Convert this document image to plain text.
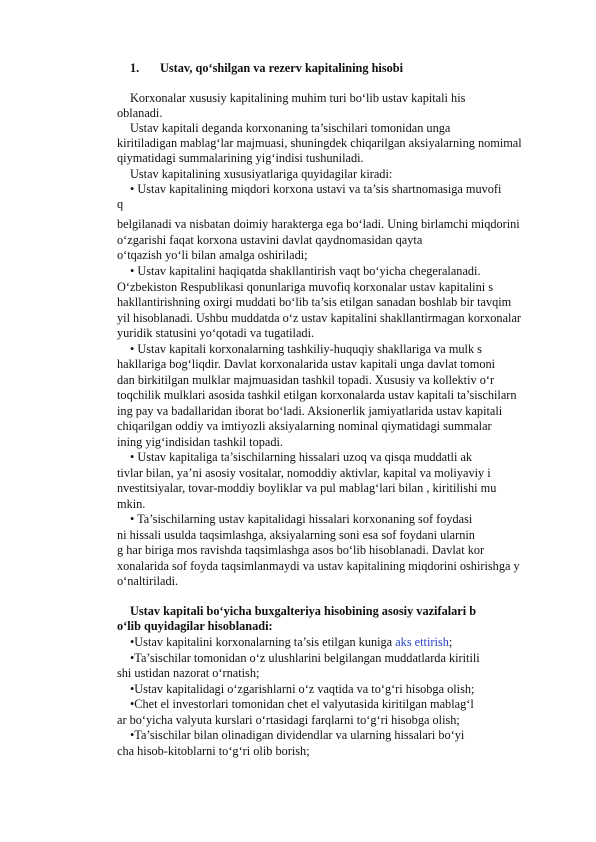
1. Ustav, qo‘shilgan va rezerv kapitalining hisobi
Korxonalar xususiy kapitalining muhim turi bo‘lib ustav kapitali his
oblanadi.
Ustav kapitali deganda korxonaning ta’sischilari tomonidan unga
kiritiladigan mablag‘lar majmuasi, shuningdek chiqarilgan aksiyalarning nomimal
qiymatidagi summalarining yig‘indisi tushuniladi.
Ustav kapitalining xususiyatlariga quyidagilar kiradi:
• Ustav kapitalining miqdori korxona ustavi va ta’sis shartnomasiga muvofi
q
belgilanadi va nisbatan doimiy harakterga ega bo‘ladi. Uning birlamchi miqdorini
o‘zgarishi faqat korxona ustavini davlat qaydnomasidan qayta
o‘tqazish yo‘li bilan amalga oshiriladi;
• Ustav kapitalini haqiqatda shakllantirish vaqt bo‘yicha chegeralanadi.
O‘zbekiston Respublikasi qonunlariga muvofiq korxonalar ustav kapitalini s
hakllantirishning oxirgi muddati bo‘lib ta’sis etilgan sanadan boshlab bir tavqim
yil hisoblanadi. Ushbu muddatda o‘z ustav kapitalini shakllantirmagan korxonalar
yuridik statusini yo‘qotadi va tugatiladi.
• Ustav kapitali korxonalarning tashkiliy-huquqiy shakllariga va mulk s
hakllariga bog‘liqdir. Davlat korxonalarida ustav kapitali unga davlat tomoni
dan birkitilgan mulklar majmuasidan tashkil topadi. Xususiy va kollektiv o‘r
toqchilik mulklari asosida tashkil etilgan korxonalarda ustav kapitali ta’sischilarn
ing pay va badallaridan iborat bo‘ladi. Aksionerlik jamiyatlarida ustav kapitali
chiqarilgan oddiy va imtiyozli aksiyalarning nominal qiymatidagi summalar
ining yig‘indisidan tashkil topadi.
• Ustav kapitaliga ta’sischilarning hissalari uzoq va qisqa muddatli ak
tivlar bilan, ya’ni asosiy vositalar, nomoddiy aktivlar, kapital va moliyaviy i
nvestitsiyalar, tovar-moddiy boyliklar va pul mablag‘lari bilan , kiritilishi mu
mkin.
• Ta’sischilarning ustav kapitalidagi hissalari korxonaning sof foydasi
ni hissali usulda taqsimlashga, aksiyalarning soni esa sof foydani ularnin
g har biriga mos ravishda taqsimlashga asos bo‘lib hisoblanadi. Davlat kor
xonalarida sof foyda taqsimlanmaydi va ustav kapitalining miqdorini oshirishga y
o‘naltiriladi.
Ustav kapitali bo‘yicha buxgalteriya hisobining asosiy vazifalari b
o‘lib quyidagilar hisoblanadi:
•Ustav kapitalini korxonalarning ta’sis etilgan kuniga aks ettirish;
•Ta’sischilar tomonidan o‘z ulushlarini belgilangan muddatlarda kiritili
shi ustidan nazorat o‘rnatish;
•Ustav kapitalidagi o‘zgarishlarni o‘z vaqtida va to‘g‘ri hisobga olish;
•Chet el investorlari tomonidan chet el valyutasida kiritilgan mablag‘l
ar bo‘yicha valyuta kurslari o‘rtasidagi farqlarni to‘g‘ri hisobga olish;
•Ta’sischilar bilan olinadigan dividendlar va ularning hissalari bo‘yi
cha hisob-kitoblarni to‘g‘ri olib borish;
